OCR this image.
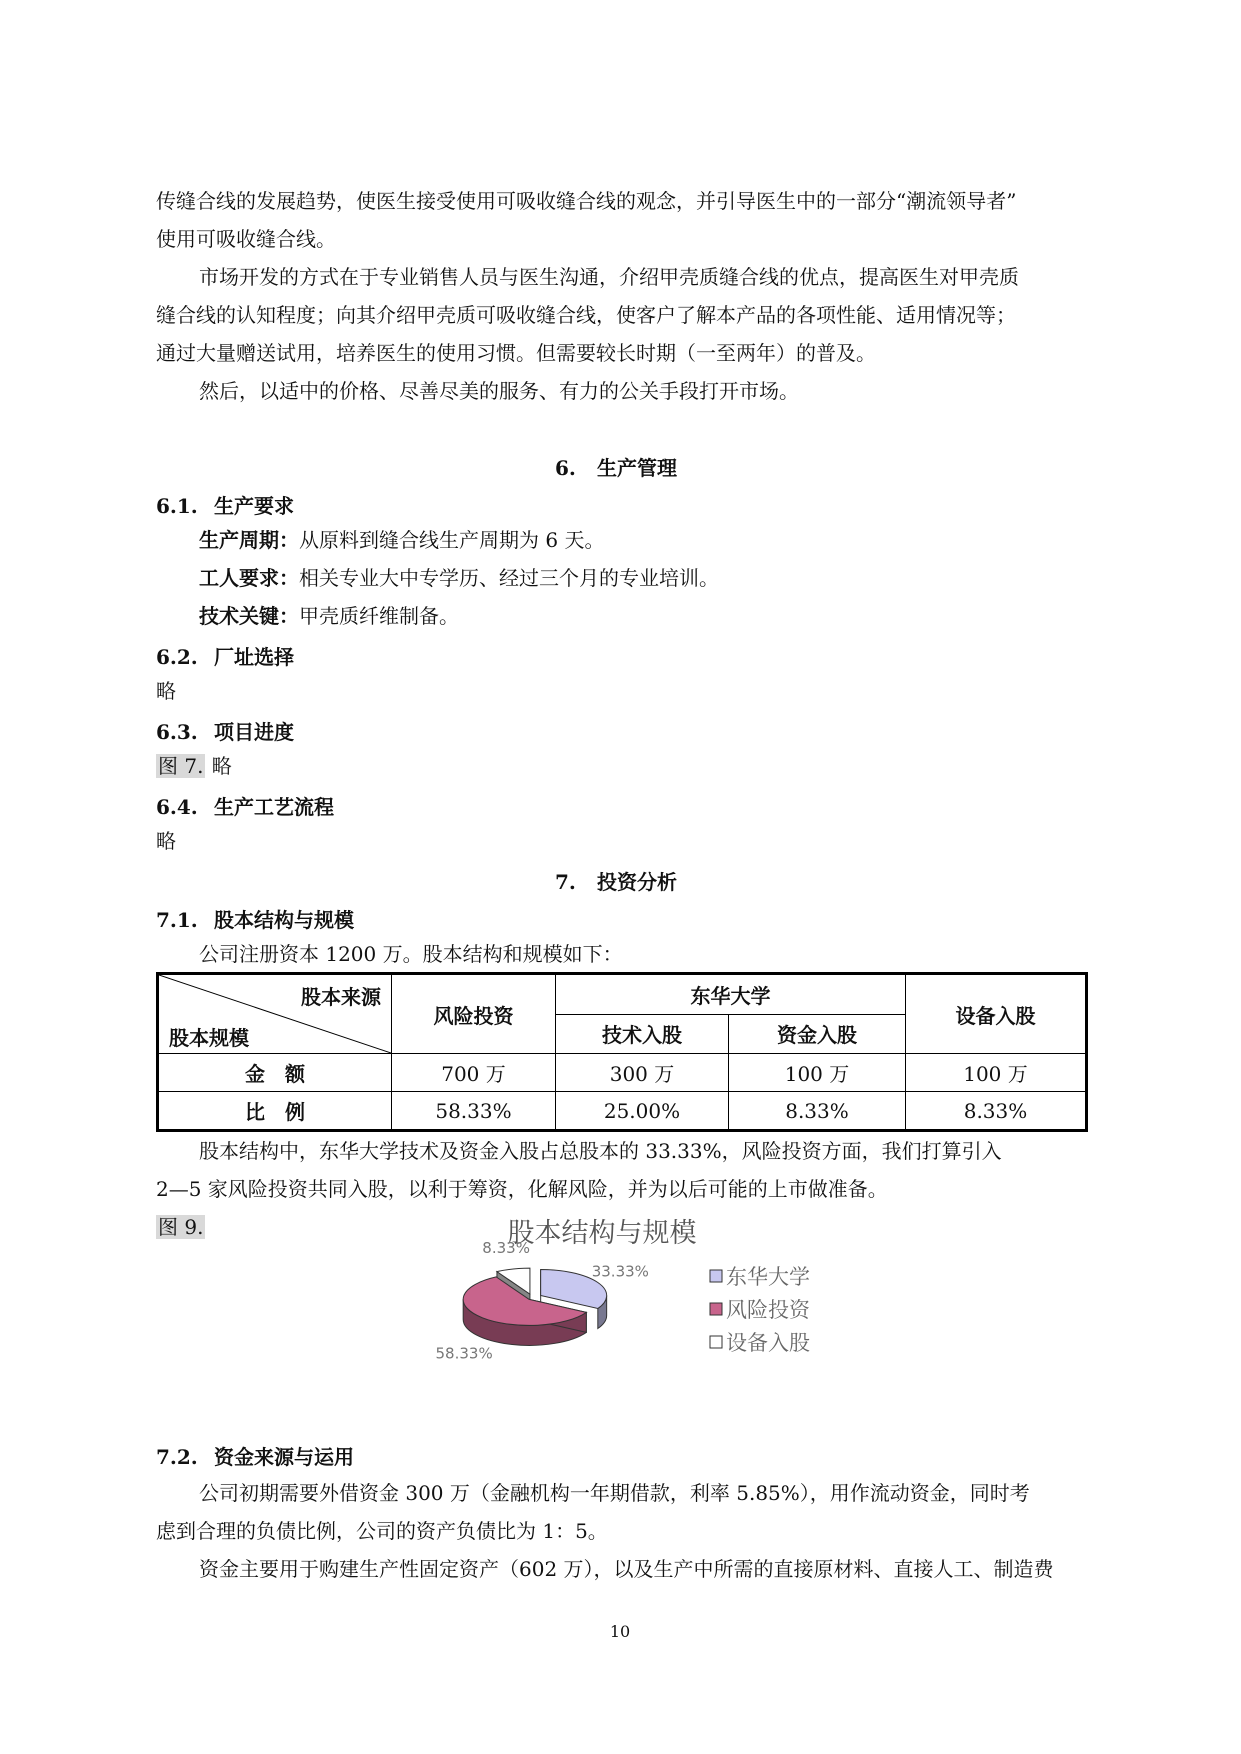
传缝合线的发展趋势，使医生接受使用可吸收缝合线的观念，并引导医生中的一部分“潮流领导者”
使用可吸收缝合线。
市场开发的方式在于专业销售人员与医生沟通，介绍甲壳质缝合线的优点，提高医生对甲壳质
缝合线的认知程度；向其介绍甲壳质可吸收缝合线，使客户了解本产品的各项性能、适用情况等；
通过大量赠送试用，培养医生的使用习惯。但需要较长时期（一至两年）的普及。
然后，以适中的价格、尽善尽美的服务、有力的公关手段打开市场。
6. 生产管理
6.1. 生产要求
生产周期：从原料到缝合线生产周期为 6 天。
工人要求：相关专业大中专学历、经过三个月的专业培训。
技术关键：甲壳质纤维制备。
6.2. 厂址选择
略
6.3. 项目进度
图 7. 略
6.4. 生产工艺流程
略
7. 投资分析
7.1. 股本结构与规模
公司注册资本 1200 万。股本结构和规模如下：
股本来源
股本规模	风险投资	东华大学		设备入股
		技术入股	资金入股	
金　额	700 万	300 万	100 万	100 万
比　例	58.33%	25.00%	8.33%	8.33%
股本结构中，东华大学技术及资金入股占总股本的 33.33%，风险投资方面，我们打算引入
2—5 家风险投资共同入股，以利于筹资，化解风险，并为以后可能的上市做准备。
图 9.	股本结构与规模
33.33%
58.33%
8.33%
东华大学
风险投资
设备入股
7.2. 资金来源与运用
公司初期需要外借资金 300 万（金融机构一年期借款，利率 5.85%），用作流动资金，同时考
虑到合理的负债比例，公司的资产负债比为 1：5。
资金主要用于购建生产性固定资产（602 万），以及生产中所需的直接原材料、直接人工、制造费
10
